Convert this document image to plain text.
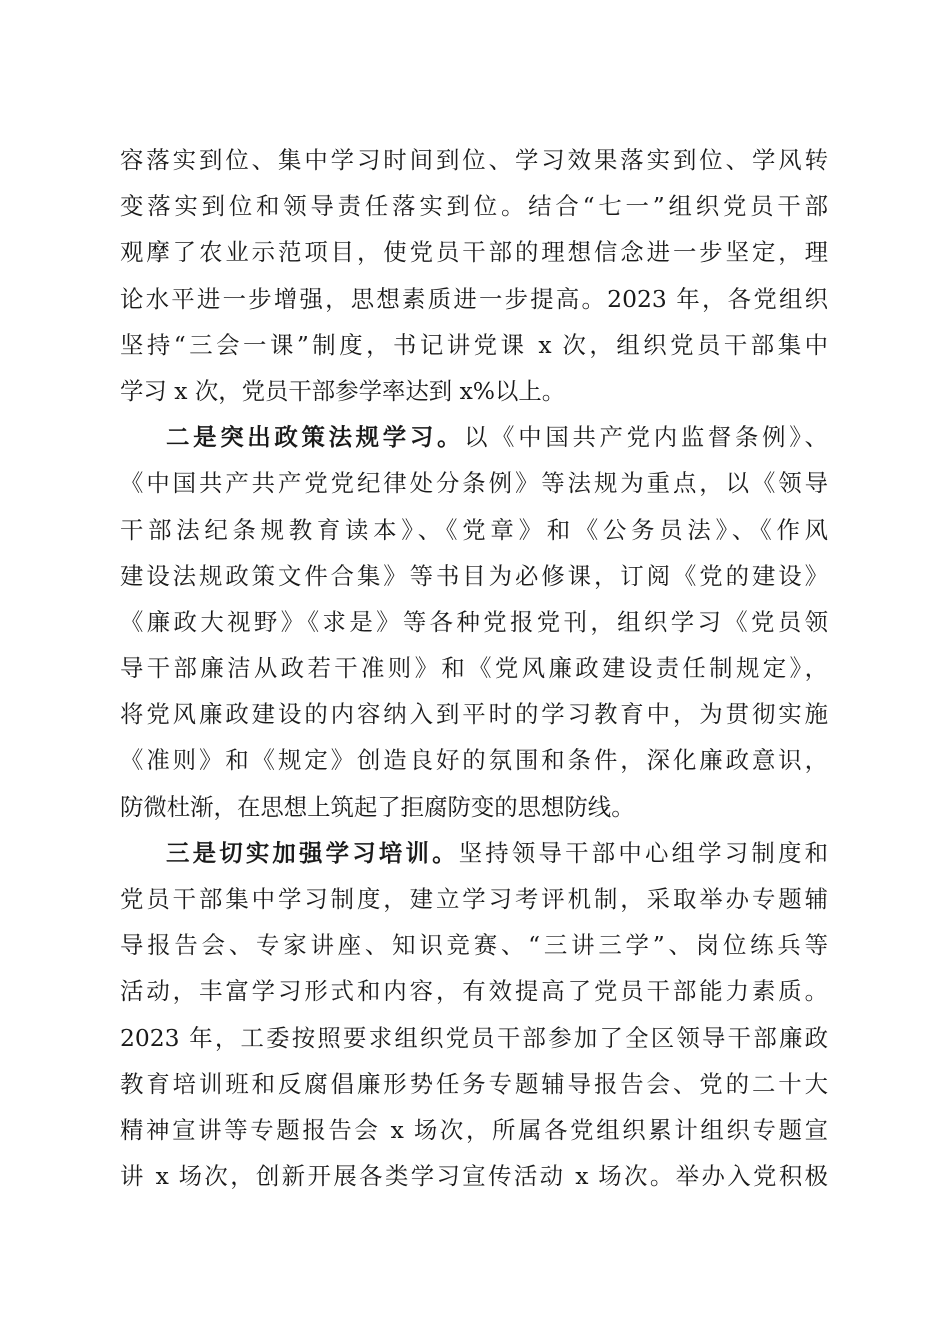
容落实到位、集中学习时间到位、学习效果落实到位、学风转
变落实到位和领导责任落实到位。结合“七一”组织党员干部
观摩了农业示范项目，使党员干部的理想信念进一步坚定，理
论水平进一步增强，思想素质进一步提高。2023 年，各党组织
坚持“三会一课”制度，书记讲党课 x 次，组织党员干部集中
学习 x 次，党员干部参学率达到 x%以上。
二是突出政策法规学习。以《中国共产党内监督条例》、
《中国共产共产党党纪律处分条例》等法规为重点，以《领导
干部法纪条规教育读本》、《党章》和《公务员法》、《作风
建设法规政策文件合集》等书目为必修课，订阅《党的建设》
《廉政大视野》《求是》等各种党报党刊，组织学习《党员领
导干部廉洁从政若干准则》和《党风廉政建设责任制规定》，
将党风廉政建设的内容纳入到平时的学习教育中，为贯彻实施
《准则》和《规定》创造良好的氛围和条件，深化廉政意识，
防微杜渐，在思想上筑起了拒腐防变的思想防线。
三是切实加强学习培训。坚持领导干部中心组学习制度和
党员干部集中学习制度，建立学习考评机制，采取举办专题辅
导报告会、专家讲座、知识竞赛、“三讲三学”、岗位练兵等
活动，丰富学习形式和内容，有效提高了党员干部能力素质。
2023 年，工委按照要求组织党员干部参加了全区领导干部廉政
教育培训班和反腐倡廉形势任务专题辅导报告会、党的二十大
精神宣讲等专题报告会 x 场次，所属各党组织累计组织专题宣
讲 x 场次，创新开展各类学习宣传活动 x 场次。举办入党积极
